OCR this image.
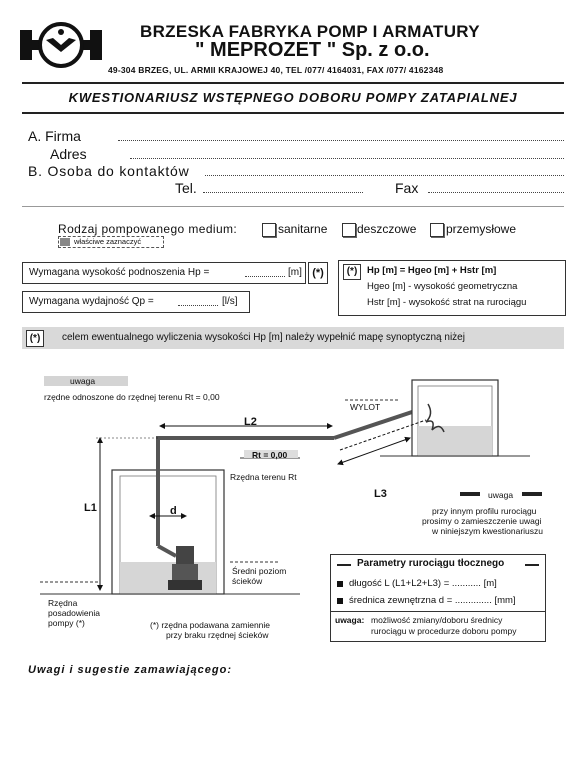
BRZESKA FABRYKA POMP I ARMATURY
" MEPROZET " Sp. z o.o.
49-304 BRZEG, UL. ARMII KRAJOWEJ 40, TEL /077/ 4164031, FAX /077/ 4162348
KWESTIONARIUSZ WSTĘPNEGO DOBORU POMPY ZATAPIALNEJ
A. Firma
Adres
B. Osoba do kontaktów
Tel.	Fax
Rodzaj pompowanego medium:
właściwe zaznaczyć
sanitarne deszczowe przemysłowe
Wymagana wysokość podnoszenia Hp =	[m] (*)
Wymagana wydajność Qp =	[l/s]
(*)	Hp [m] = Hgeo [m] + Hstr [m]
Hgeo [m] - wysokość geometryczna
Hstr [m] - wysokość strat na rurociągu
(*)	celem ewentualnego wyliczenia wysokości Hp [m] należy wypełnić mapę synoptyczną niżej
uwaga
rzędne odnoszone do rzędnej terenu Rt = 0,00
WYLOT
L2
L1
L3
d
Rt = 0,00
Rzędna terenu Rt
Średni poziom
ścieków
Rzędna
posadowienia
pompy (*)	(*) rzędna podawana zamiennie
przy braku rzędnej ścieków
uwaga
przy innym profilu rurociągu
prosimy o zamieszczenie uwagi
w niniejszym kwestionariuszu
Parametry rurociągu tłocznego
długość L (L1+L2+L3) = ........... [m]
średnica zewnętrzna d = .............. [mm]
uwaga: możliwość zmiany/doboru średnicy
rurociągu w procedurze doboru pompy
Uwagi i sugestie zamawiającego:
